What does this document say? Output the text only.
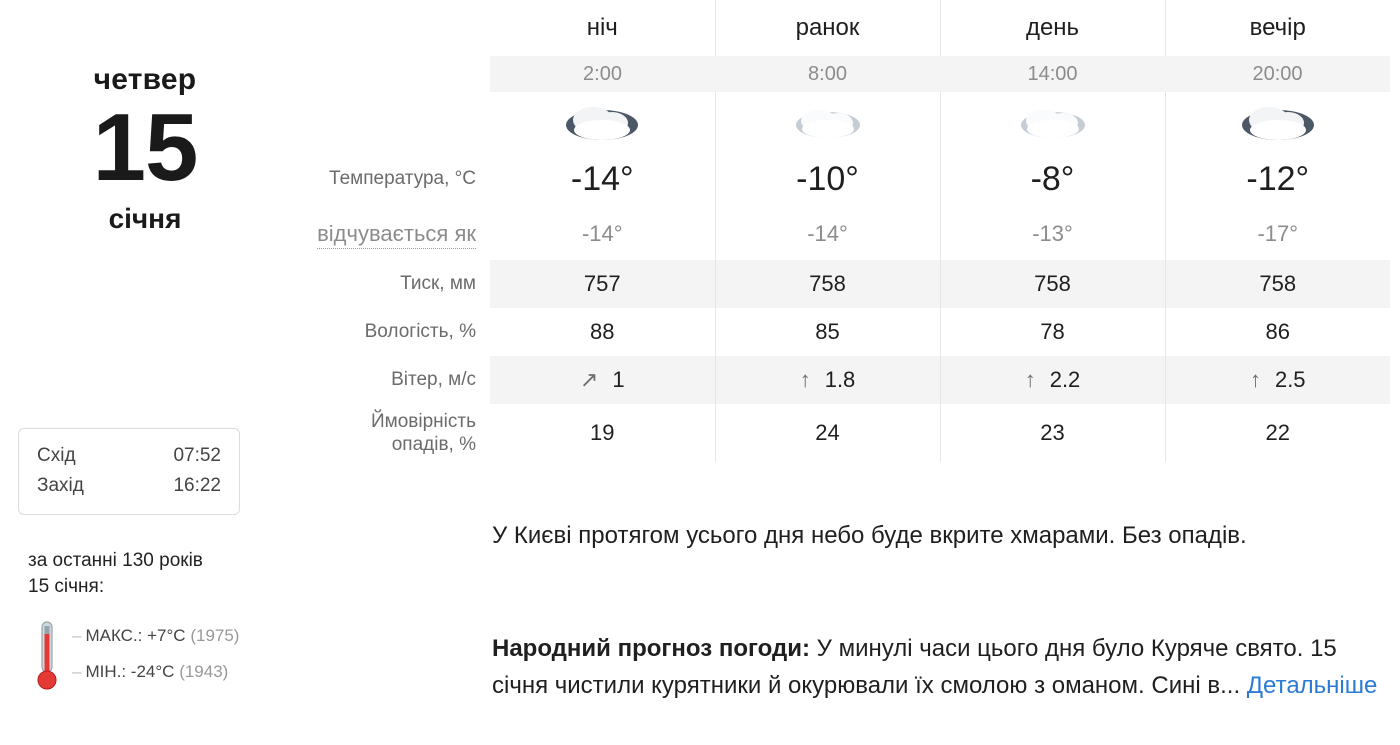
четвер
15
січня
Схід	07:52
Захід	16:22
за останні 130 років
15 січня:
– МАКС.: +7°C (1975)
– МІН.: -24°C (1943)
	ніч	ранок	день	вечір
	2:00	8:00	14:00	20:00

Температура, °C	-14°	-10°	-8°	-12°
відчувається як	-14°	-14°	-13°	-17°
Тиск, мм	757	758	758	758
Вологість, %	88	85	78	86
Вітер, м/с	↗ 1	↑ 1.8	↑ 2.2	↑ 2.5

Ймовірність
опадів, %	19	24	23	22
У Києві протягом усього дня небо буде вкрите хмарами. Без опадів.
Народний прогноз погоди: У минулі часи цього дня було Куряче свято. 15 січня чистили курятники й окурювали їх смолою з оманом. Сині в... Детальніше
